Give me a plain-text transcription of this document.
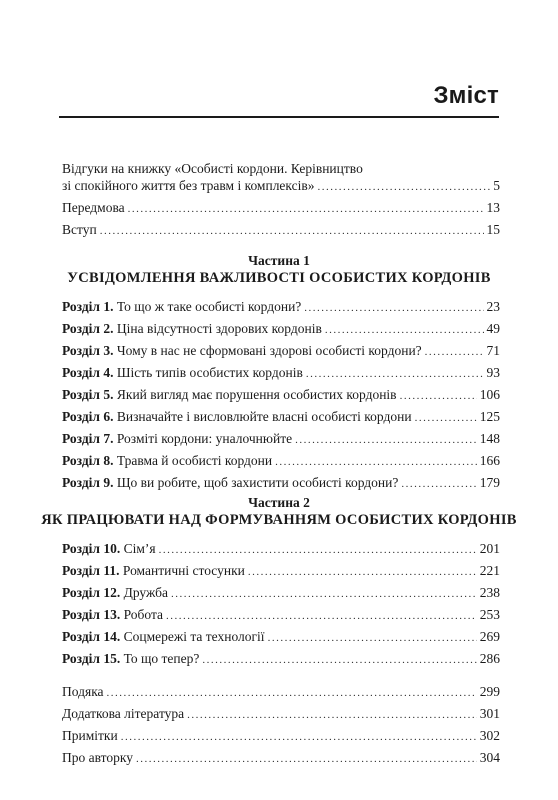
Зміст
Відгуки на книжку «Особисті кордони. Керівництво
зі спокійного життя без травм і комплексів» .....	5
Передмова .....	13
Вступ .....	15
Частина 1
УСВІДОМЛЕННЯ ВАЖЛИВОСТІ ОСОБИСТИХ КОРДОНІВ
Розділ 1. То що ж таке особисті кордони? .....	23
Розділ 2. Ціна відсутності здорових кордонів .....	49
Розділ 3. Чому в нас не сформовані здорові особисті кордони? .....	71
Розділ 4. Шість типів особистих кордонів .....	93
Розділ 5. Який вигляд має порушення особистих кордонів .....	106
Розділ 6. Визначайте і висловлюйте власні особисті кордони .....	125
Розділ 7. Розміті кордони: уналочнюйте .....	148
Розділ 8. Травма й особисті кордони .....	166
Розділ 9. Що ви робите, щоб захистити особисті кордони? .....	179
Частина 2
ЯК ПРАЦЮВАТИ НАД ФОРМУВАННЯМ ОСОБИСТИХ КОРДОНІВ
Розділ 10. Сім’я .....	201
Розділ 11. Романтичні стосунки .....	221
Розділ 12. Дружба .....	238
Розділ 13. Робота .....	253
Розділ 14. Соцмережі та технології .....	269
Розділ 15. То що тепер? .....	286
Подяка .....	299
Додаткова література .....	301
Примітки .....	302
Про авторку .....	304
